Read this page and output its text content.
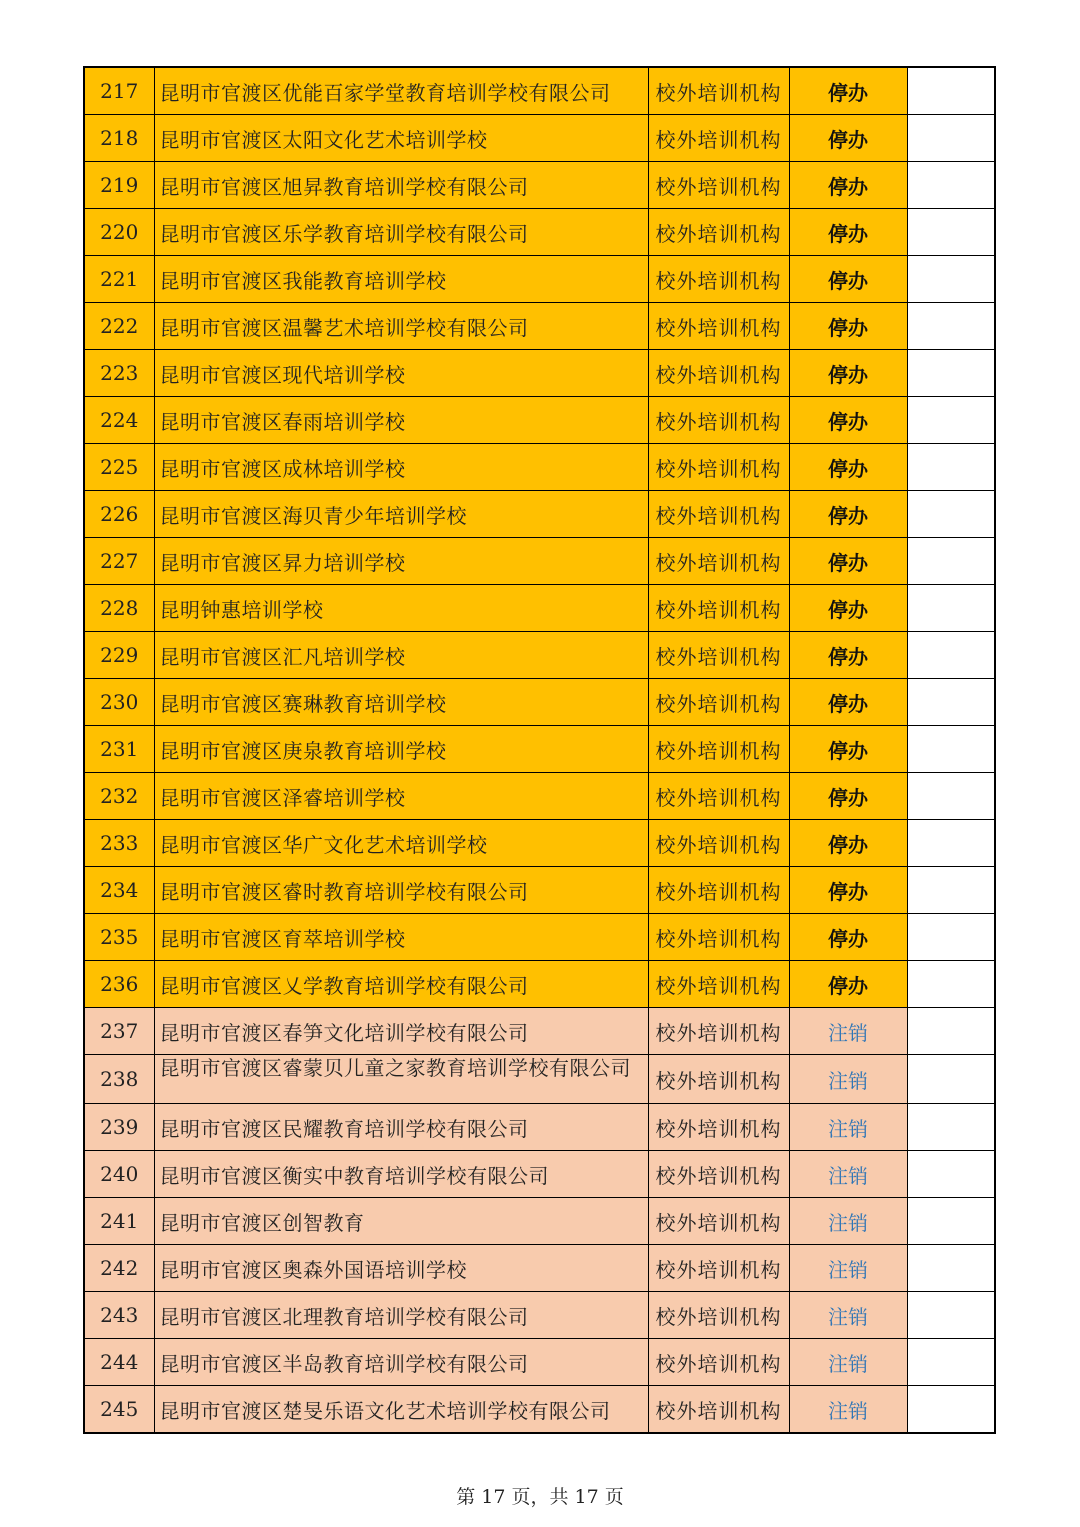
217	昆明市官渡区优能百家学堂教育培训学校有限公司	校外培训机构	停办	
218	昆明市官渡区太阳文化艺术培训学校	校外培训机构	停办	
219	昆明市官渡区旭昇教育培训学校有限公司	校外培训机构	停办	
220	昆明市官渡区乐学教育培训学校有限公司	校外培训机构	停办	
221	昆明市官渡区我能教育培训学校	校外培训机构	停办	
222	昆明市官渡区温馨艺术培训学校有限公司	校外培训机构	停办	
223	昆明市官渡区现代培训学校	校外培训机构	停办	
224	昆明市官渡区春雨培训学校	校外培训机构	停办	
225	昆明市官渡区成林培训学校	校外培训机构	停办	
226	昆明市官渡区海贝青少年培训学校	校外培训机构	停办	
227	昆明市官渡区昇力培训学校	校外培训机构	停办	
228	昆明钟惠培训学校	校外培训机构	停办	
229	昆明市官渡区汇凡培训学校	校外培训机构	停办	
230	昆明市官渡区赛琳教育培训学校	校外培训机构	停办	
231	昆明市官渡区庚泉教育培训学校	校外培训机构	停办	
232	昆明市官渡区泽睿培训学校	校外培训机构	停办	
233	昆明市官渡区华广文化艺术培训学校	校外培训机构	停办	
234	昆明市官渡区睿时教育培训学校有限公司	校外培训机构	停办	
235	昆明市官渡区育萃培训学校	校外培训机构	停办	
236	昆明市官渡区乂学教育培训学校有限公司	校外培训机构	停办	
237	昆明市官渡区春笋文化培训学校有限公司	校外培训机构	注销	
238	昆明市官渡区睿蒙贝儿童之家教育培训学校有限公司	校外培训机构	注销	
239	昆明市官渡区民耀教育培训学校有限公司	校外培训机构	注销	
240	昆明市官渡区衡实中教育培训学校有限公司	校外培训机构	注销	
241	昆明市官渡区创智教育	校外培训机构	注销	
242	昆明市官渡区奥森外国语培训学校	校外培训机构	注销	
243	昆明市官渡区北理教育培训学校有限公司	校外培训机构	注销	
244	昆明市官渡区半岛教育培训学校有限公司	校外培训机构	注销	
245	昆明市官渡区楚旻乐语文化艺术培训学校有限公司	校外培训机构	注销	
第 17 页，共 17 页
